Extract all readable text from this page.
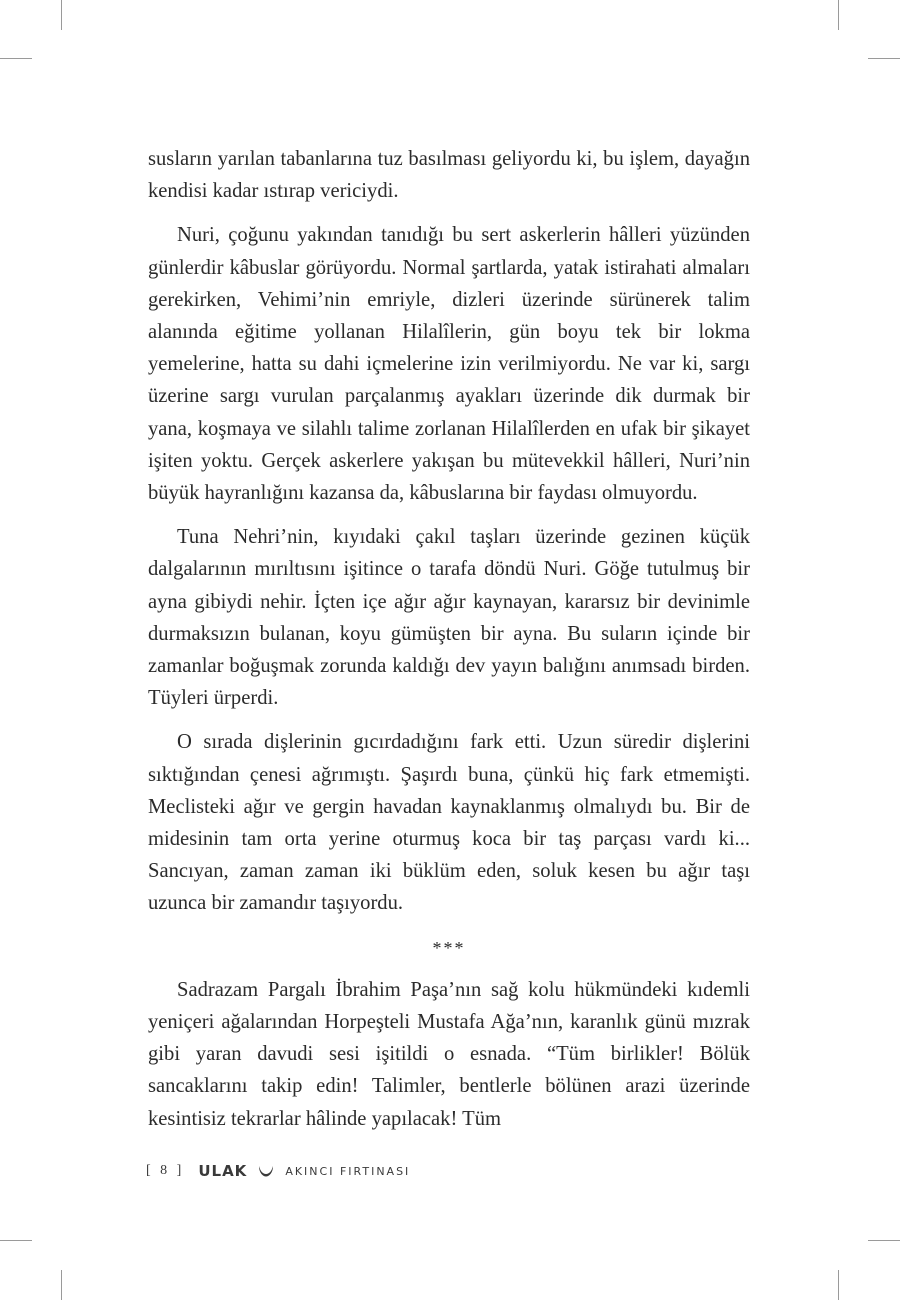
susların yarılan tabanlarına tuz basılması geliyordu ki, bu işlem, dayağın kendisi kadar ıstırap vericiydi.

Nuri, çoğunu yakından tanıdığı bu sert askerlerin hâlleri yüzünden günlerdir kâbuslar görüyordu. Normal şartlarda, yatak istirahati almaları gerekirken, Vehimi’nin emriyle, dizleri üzerinde sürünerek talim alanında eğitime yollanan Hilalîlerin, gün boyu tek bir lokma yemelerine, hatta su dahi içmelerine izin verilmiyordu. Ne var ki, sargı üzerine sargı vurulan parçalanmış ayakları üzerinde dik durmak bir yana, koşmaya ve silahlı talime zorlanan Hilalîlerden en ufak bir şikayet işiten yoktu. Gerçek askerlere yakışan bu mütevekkil hâlleri, Nuri’nin büyük hayranlığını kazansa da, kâbuslarına bir faydası olmuyordu.

Tuna Nehri’nin, kıyıdaki çakıl taşları üzerinde gezinen küçük dalgalarının mırıltısını işitince o tarafa döndü Nuri. Göğe tutulmuş bir ayna gibiydi nehir. İçten içe ağır ağır kaynayan, kararsız bir devinimle durmaksızın bulanan, koyu gümüşten bir ayna. Bu suların içinde bir zamanlar boğuşmak zorunda kaldığı dev yayın balığını anımsadı birden. Tüyleri ürperdi.

O sırada dişlerinin gıcırdadığını fark etti. Uzun süredir dişlerini sıktığından çenesi ağrımıştı. Şaşırdı buna, çünkü hiç fark etmemişti. Meclisteki ağır ve gergin havadan kaynaklanmış olmalıydı bu. Bir de midesinin tam orta yerine oturmuş koca bir taş parçası vardı ki... Sancıyan, zaman zaman iki büklüm eden, soluk kesen bu ağır taşı uzunca bir zamandır taşıyordu.

***

Sadrazam Pargalı İbrahim Paşa’nın sağ kolu hükmündeki kıdemli yeniçeri ağalarından Horpeşteli Mustafa Ağa’nın, karanlık günü mızrak gibi yaran davudi sesi işitildi o esnada. “Tüm birlikler! Bölük sancaklarını takip edin! Talimler, bentlerle bölünen arazi üzerinde kesintisiz tekrarlar hâlinde yapılacak! Tüm

[ 8 ] ULAK	AKINCI FIRTINASI
